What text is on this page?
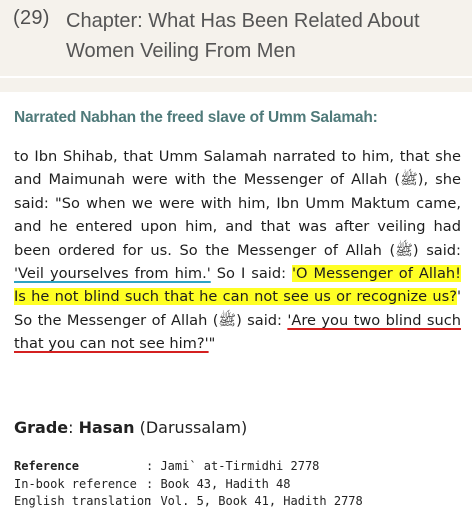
(29) Chapter: What Has Been Related About Women Veiling From Men
Narrated Nabhan the freed slave of Umm Salamah:
to Ibn Shihab, that Umm Salamah narrated to him, that she and Maimunah were with the Messenger of Allah (ﷺ), she said: "So when we were with him, Ibn Umm Maktum came, and he entered upon him, and that was after veiling had been ordered for us. So the Messenger of Allah (ﷺ) said: 'Veil yourselves from him.' So I said: 'O Messenger of Allah! Is he not blind such that he can not see us or recognize us?' So the Messenger of Allah (ﷺ) said: 'Are you two blind such that you can not see him?'"
Grade: Hasan (Darussalam)
Reference	: Jami` at-Tirmidhi 2778
In-book reference : Book 43, Hadith 48
English translation
: Vol. 5, Book 41, Hadith 2778
